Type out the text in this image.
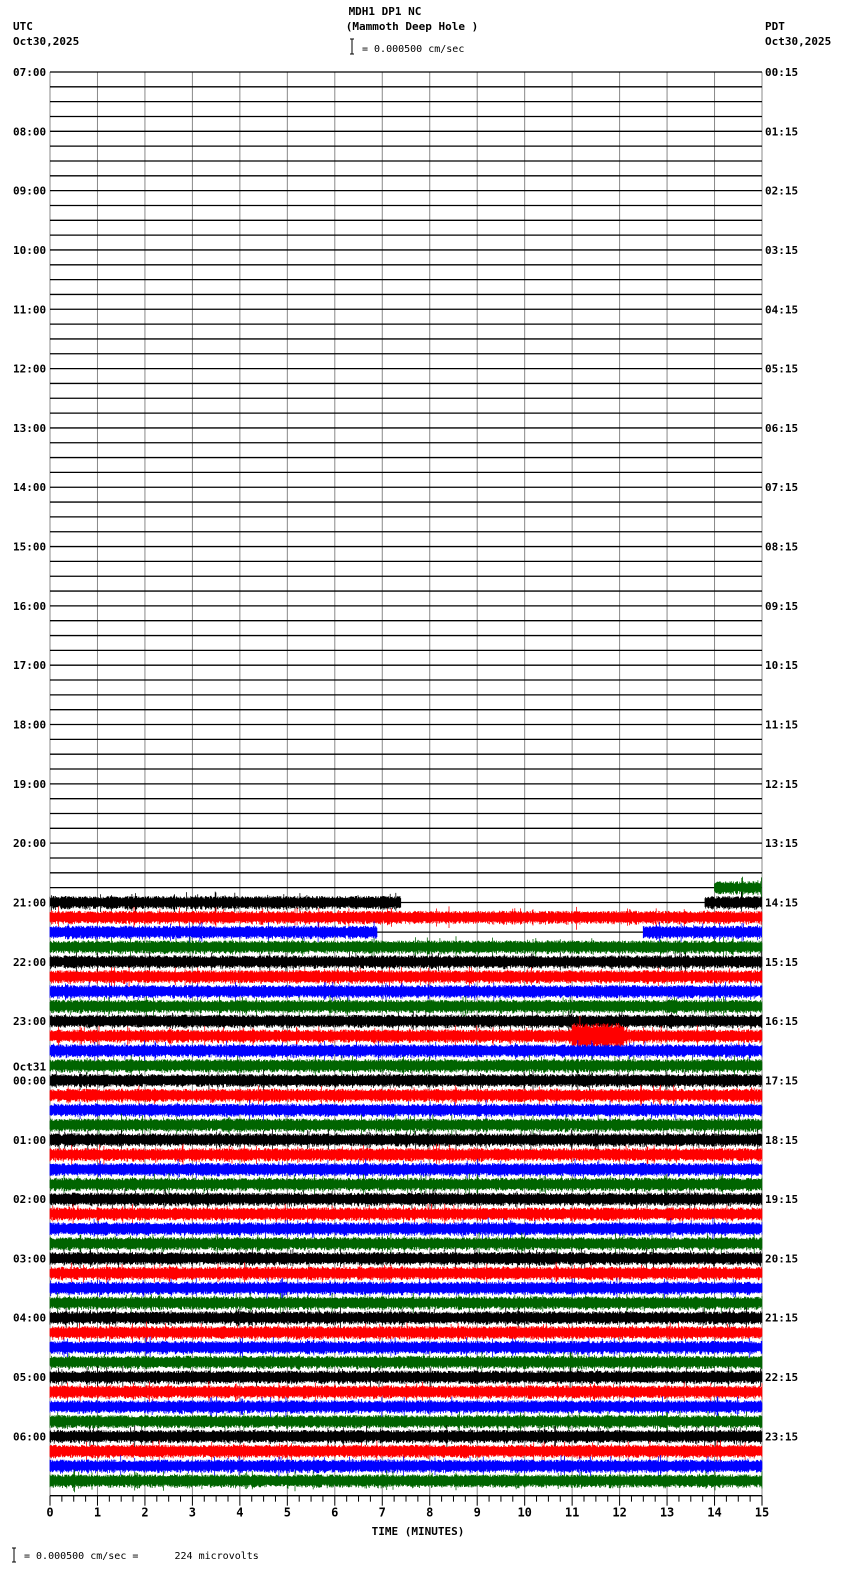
MDH1 DP1 NC
(Mammoth Deep Hole )
UTC
Oct30,2025
PDT
Oct30,2025
= 0.000500 cm/sec
07:00
08:00
09:00
10:00
11:00
12:00
13:00
14:00
15:00
16:00
17:00
18:00
19:00
20:00
21:00
22:00
23:00
00:00
Oct31
01:00
02:00
03:00
04:00
05:00
06:00
00:15
01:15
02:15
03:15
04:15
05:15
06:15
07:15
08:15
09:15
10:15
11:15
12:15
13:15
14:15
15:15
16:15
17:15
18:15
19:15
20:15
21:15
22:15
23:15
0	1	2	3	4	5	6	7	8	9	10	11	12	13	14	15
TIME (MINUTES)
= 0.000500 cm/sec =      224 microvolts
